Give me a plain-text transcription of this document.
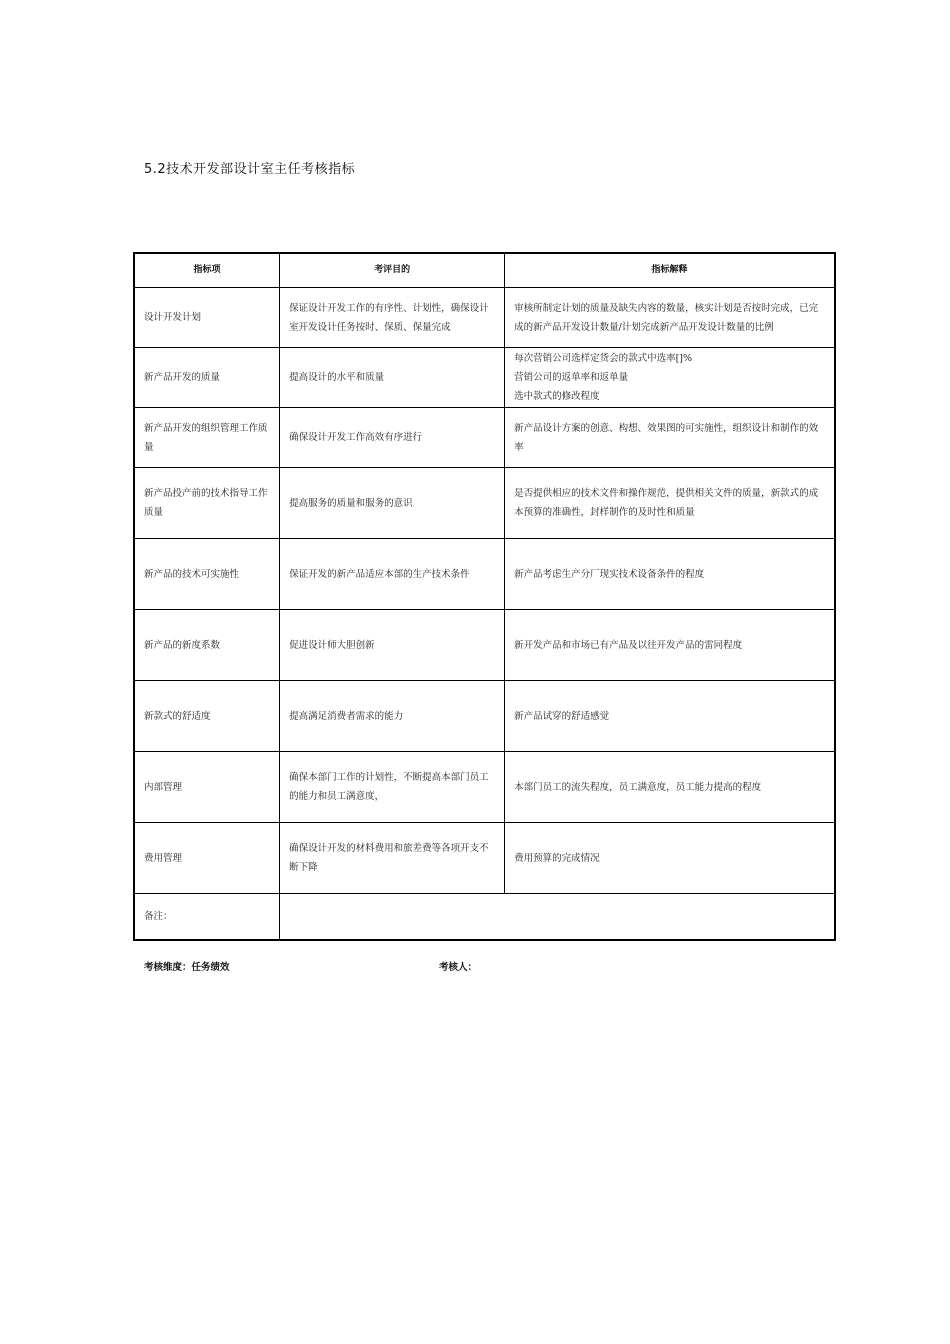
5.2技术开发部设计室主任考核指标
指标项	考评目的	指标解释
设计开发计划	保证设计开发工作的有序性、计划性，确保设计室开发设计任务按时、保质、保量完成	审核所制定计划的质量及缺失内容的数量，核实计划是否按时完成，已完成的新产品开发设计数量/计划完成新产品开发设计数量的比例
新产品开发的质量	提高设计的水平和质量	每次营销公司选样定货会的款式中选率[]%
营销公司的返单率和返单量
选中款式的修改程度

新产品开发的组织管理工作质量	确保设计开发工作高效有序进行	新产品设计方案的创意、构想、效果图的可实施性，组织设计和制作的效率
新产品投产前的技术指导工作质量	提高服务的质量和服务的意识	是否提供相应的技术文件和操作规范，提供相关文件的质量，新款式的成本预算的准确性，封样制作的及时性和质量
新产品的技术可实施性	保证开发的新产品适应本部的生产技术条件	新产品考虑生产分厂现实技术设备条件的程度
新产品的新度系数	促进设计师大胆创新	新开发产品和市场已有产品及以往开发产品的雷同程度
新款式的舒适度	提高满足消费者需求的能力	新产品试穿的舒适感觉
内部管理	确保本部门工作的计划性，不断提高本部门员工的能力和员工满意度，	本部门员工的流失程度，员工满意度，员工能力提高的程度
费用管理	确保设计开发的材料费用和旅差费等各项开支不断下降	费用预算的完成情况
备注：		
考核维度：任务绩效	考核人：
